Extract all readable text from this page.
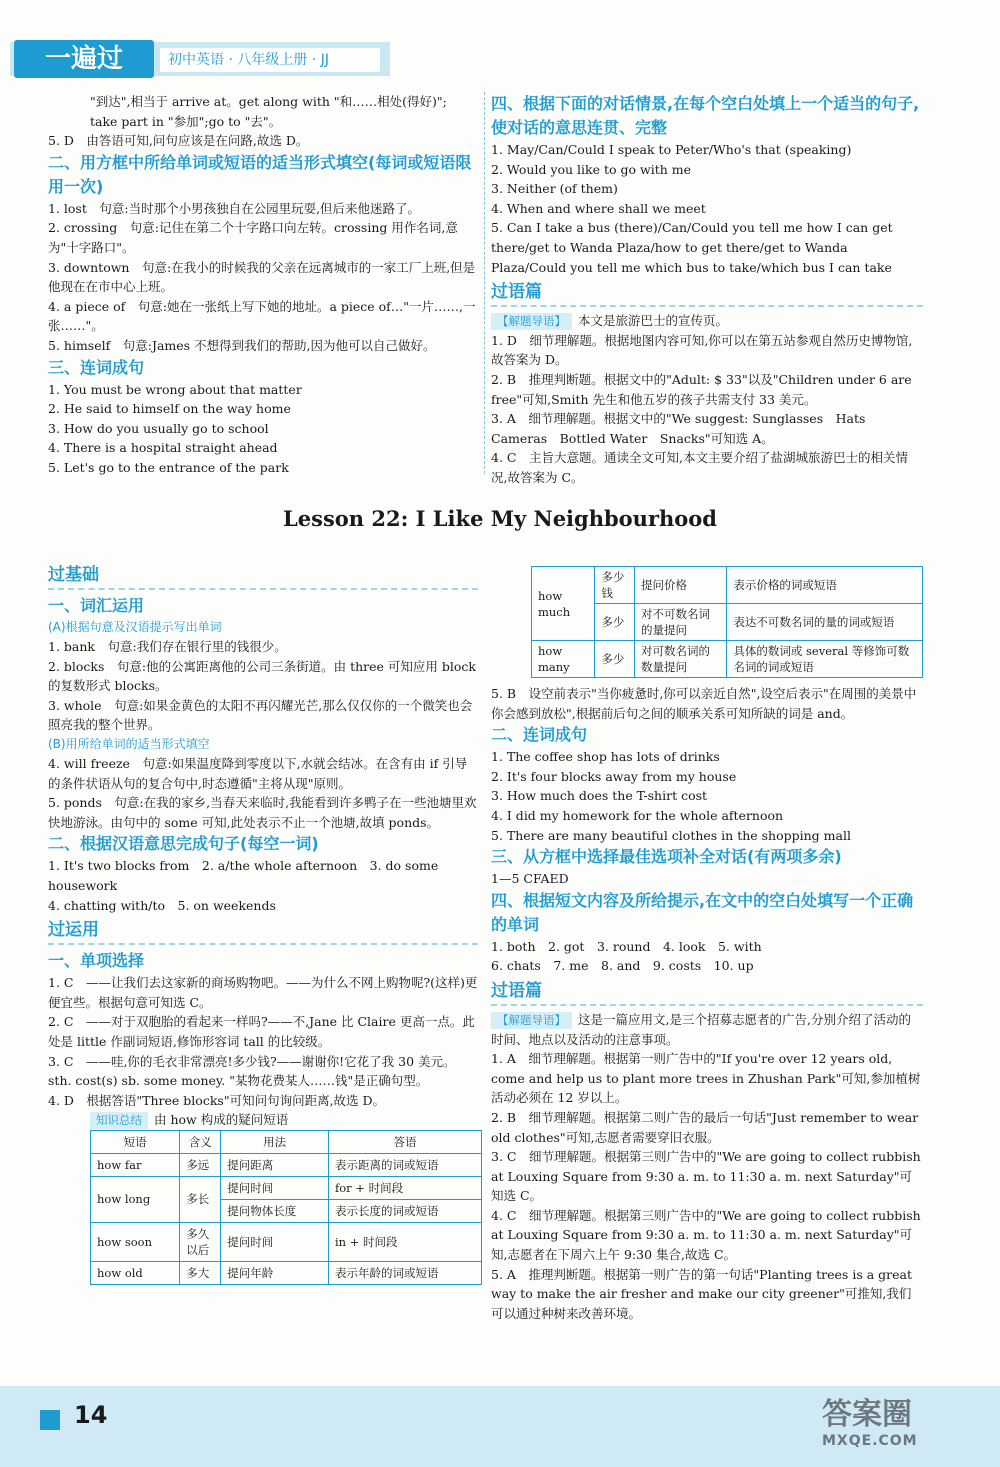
一遍过	初中英语 · 八年级上册 · JJ

"到达",相当于 arrive at。get along with "和……相处(得好)";

take part in "参加";go to "去"。

5. D　由答语可知,问句应该是在问路,故选 D。

二、用方框中所给单词或短语的适当形式填空(每词或短语限用一次)

1. lost　句意:当时那个小男孩独自在公园里玩耍,但后来他迷路了。

2. crossing　句意:记住在第二个十字路口向左转。crossing 用作名词,意为"十字路口"。

3. downtown　句意:在我小的时候我的父亲在远离城市的一家工厂上班,但是他现在在市中心上班。

4. a piece of　句意:她在一张纸上写下她的地址。a piece of…"一片……,一张……"。

5. himself　句意:James 不想得到我们的帮助,因为他可以自己做好。

三、连词成句

1. You must be wrong about that matter

2. He said to himself on the way home

3. How do you usually go to school

4. There is a hospital straight ahead

5. Let's go to the entrance of the park

四、根据下面的对话情景,在每个空白处填上一个适当的句子,使对话的意思连贯、完整

1. May/Can/Could I speak to Peter/Who's that (speaking)

2. Would you like to go with me

3. Neither (of them)

4. When and where shall we meet

5. Can I take a bus (there)/Can/Could you tell me how I can get there/get to Wanda Plaza/how to get there/get to Wanda Plaza/Could you tell me which bus to take/which bus I can take

过语篇

【解题导语】 本文是旅游巴士的宣传页。

1. D　细节理解题。根据地图内容可知,你可以在第五站参观自然历史博物馆,故答案为 D。

2. B　推理判断题。根据文中的"Adult: $ 33"以及"Children under 6 are free"可知,Smith 先生和他五岁的孩子共需支付 33 美元。

3. A　细节理解题。根据文中的"We suggest: Sunglasses　Hats　Cameras　Bottled Water　Snacks"可知选 A。

4. C　主旨大意题。通读全文可知,本文主要介绍了盐湖城旅游巴士的相关情况,故答案为 C。

Lesson 22: I Like My Neighbourhood
过基础

一、词汇运用

(A)根据句意及汉语提示写出单词

1. bank　句意:我们存在银行里的钱很少。

2. blocks　句意:他的公寓距离他的公司三条街道。由 three 可知应用 block 的复数形式 blocks。

3. whole　句意:如果金黄色的太阳不再闪耀光芒,那么仅仅你的一个微笑也会照亮我的整个世界。

(B)用所给单词的适当形式填空

4. will freeze　句意:如果温度降到零度以下,水就会结冰。在含有由 if 引导的条件状语从句的复合句中,时态遵循"主将从现"原则。

5. ponds　句意:在我的家乡,当春天来临时,我能看到许多鸭子在一些池塘里欢快地游泳。由句中的 some 可知,此处表示不止一个池塘,故填 ponds。

二、根据汉语意思完成句子(每空一词)

1. It's two blocks from　2. a/the whole afternoon　3. do some housework

4. chatting with/to　5. on weekends

过运用

一、单项选择

1. C　——让我们去这家新的商场购物吧。——为什么不网上购物呢?(这样)更便宜些。根据句意可知选 C。

2. C　——对于双胞胎的看起来一样吗?——不,Jane 比 Claire 更高一点。此处是 little 作副词短语,修饰形容词 tall 的比较级。

3. C　——哇,你的毛衣非常漂亮!多少钱?——谢谢你!它花了我 30 美元。sth. cost(s) sb. some money. "某物花费某人……钱"是正确句型。

4. D　根据答语"Three blocks"可知问句询问距离,故选 D。

知识总结 由 how 构成的疑问短语

短语	含义	用法	答语
how far	多远	提问距离	表示距离的词或短语
how long	多长	提问时间	for + 时间段
		提问物体长度	表示长度的词或短语
how soon	多久以后	提问时间	in + 时间段
how old	多大	提问年龄	表示年龄的词或短语
how much	多少钱	提问价格	表示价格的词或短语
	多少	对不可数名词的量提问	表达不可数名词的量的词或短语
how many	多少	对可数名词的数量提问	具体的数词或 several 等修饰可数名词的词或短语

5. B　设空前表示"当你疲惫时,你可以亲近自然",设空后表示"在周围的美景中你会感到放松",根据前后句之间的顺承关系可知所缺的词是 and。

二、连词成句

1. The coffee shop has lots of drinks

2. It's four blocks away from my house

3. How much does the T-shirt cost

4. I did my homework for the whole afternoon

5. There are many beautiful clothes in the shopping mall

三、从方框中选择最佳选项补全对话(有两项多余)

1—5 CFAED

四、根据短文内容及所给提示,在文中的空白处填写一个正确的单词

1. both　2. got　3. round　4. look　5. with

6. chats　7. me　8. and　9. costs　10. up

过语篇

【解题导语】 这是一篇应用文,是三个招募志愿者的广告,分别介绍了活动的时间、地点以及活动的注意事项。

1. A　细节理解题。根据第一则广告中的"If you're over 12 years old, come and help us to plant more trees in Zhushan Park"可知,参加植树活动必须在 12 岁以上。

2. B　细节理解题。根据第二则广告的最后一句话"Just remember to wear old clothes"可知,志愿者需要穿旧衣服。

3. C　细节理解题。根据第三则广告中的"We are going to collect rubbish at Louxing Square from 9:30 a. m. to 11:30 a. m. next Saturday"可知选 C。

4. C　细节理解题。根据第三则广告中的"We are going to collect rubbish at Louxing Square from 9:30 a. m. to 11:30 a. m. next Saturday"可知,志愿者在下周六上午 9:30 集合,故选 C。

5. A　推理判断题。根据第一则广告的第一句话"Planting trees is a great way to make the air fresher and make our city greener"可推知,我们可以通过种树来改善环境。

14	答案圈
MXQE.COM
